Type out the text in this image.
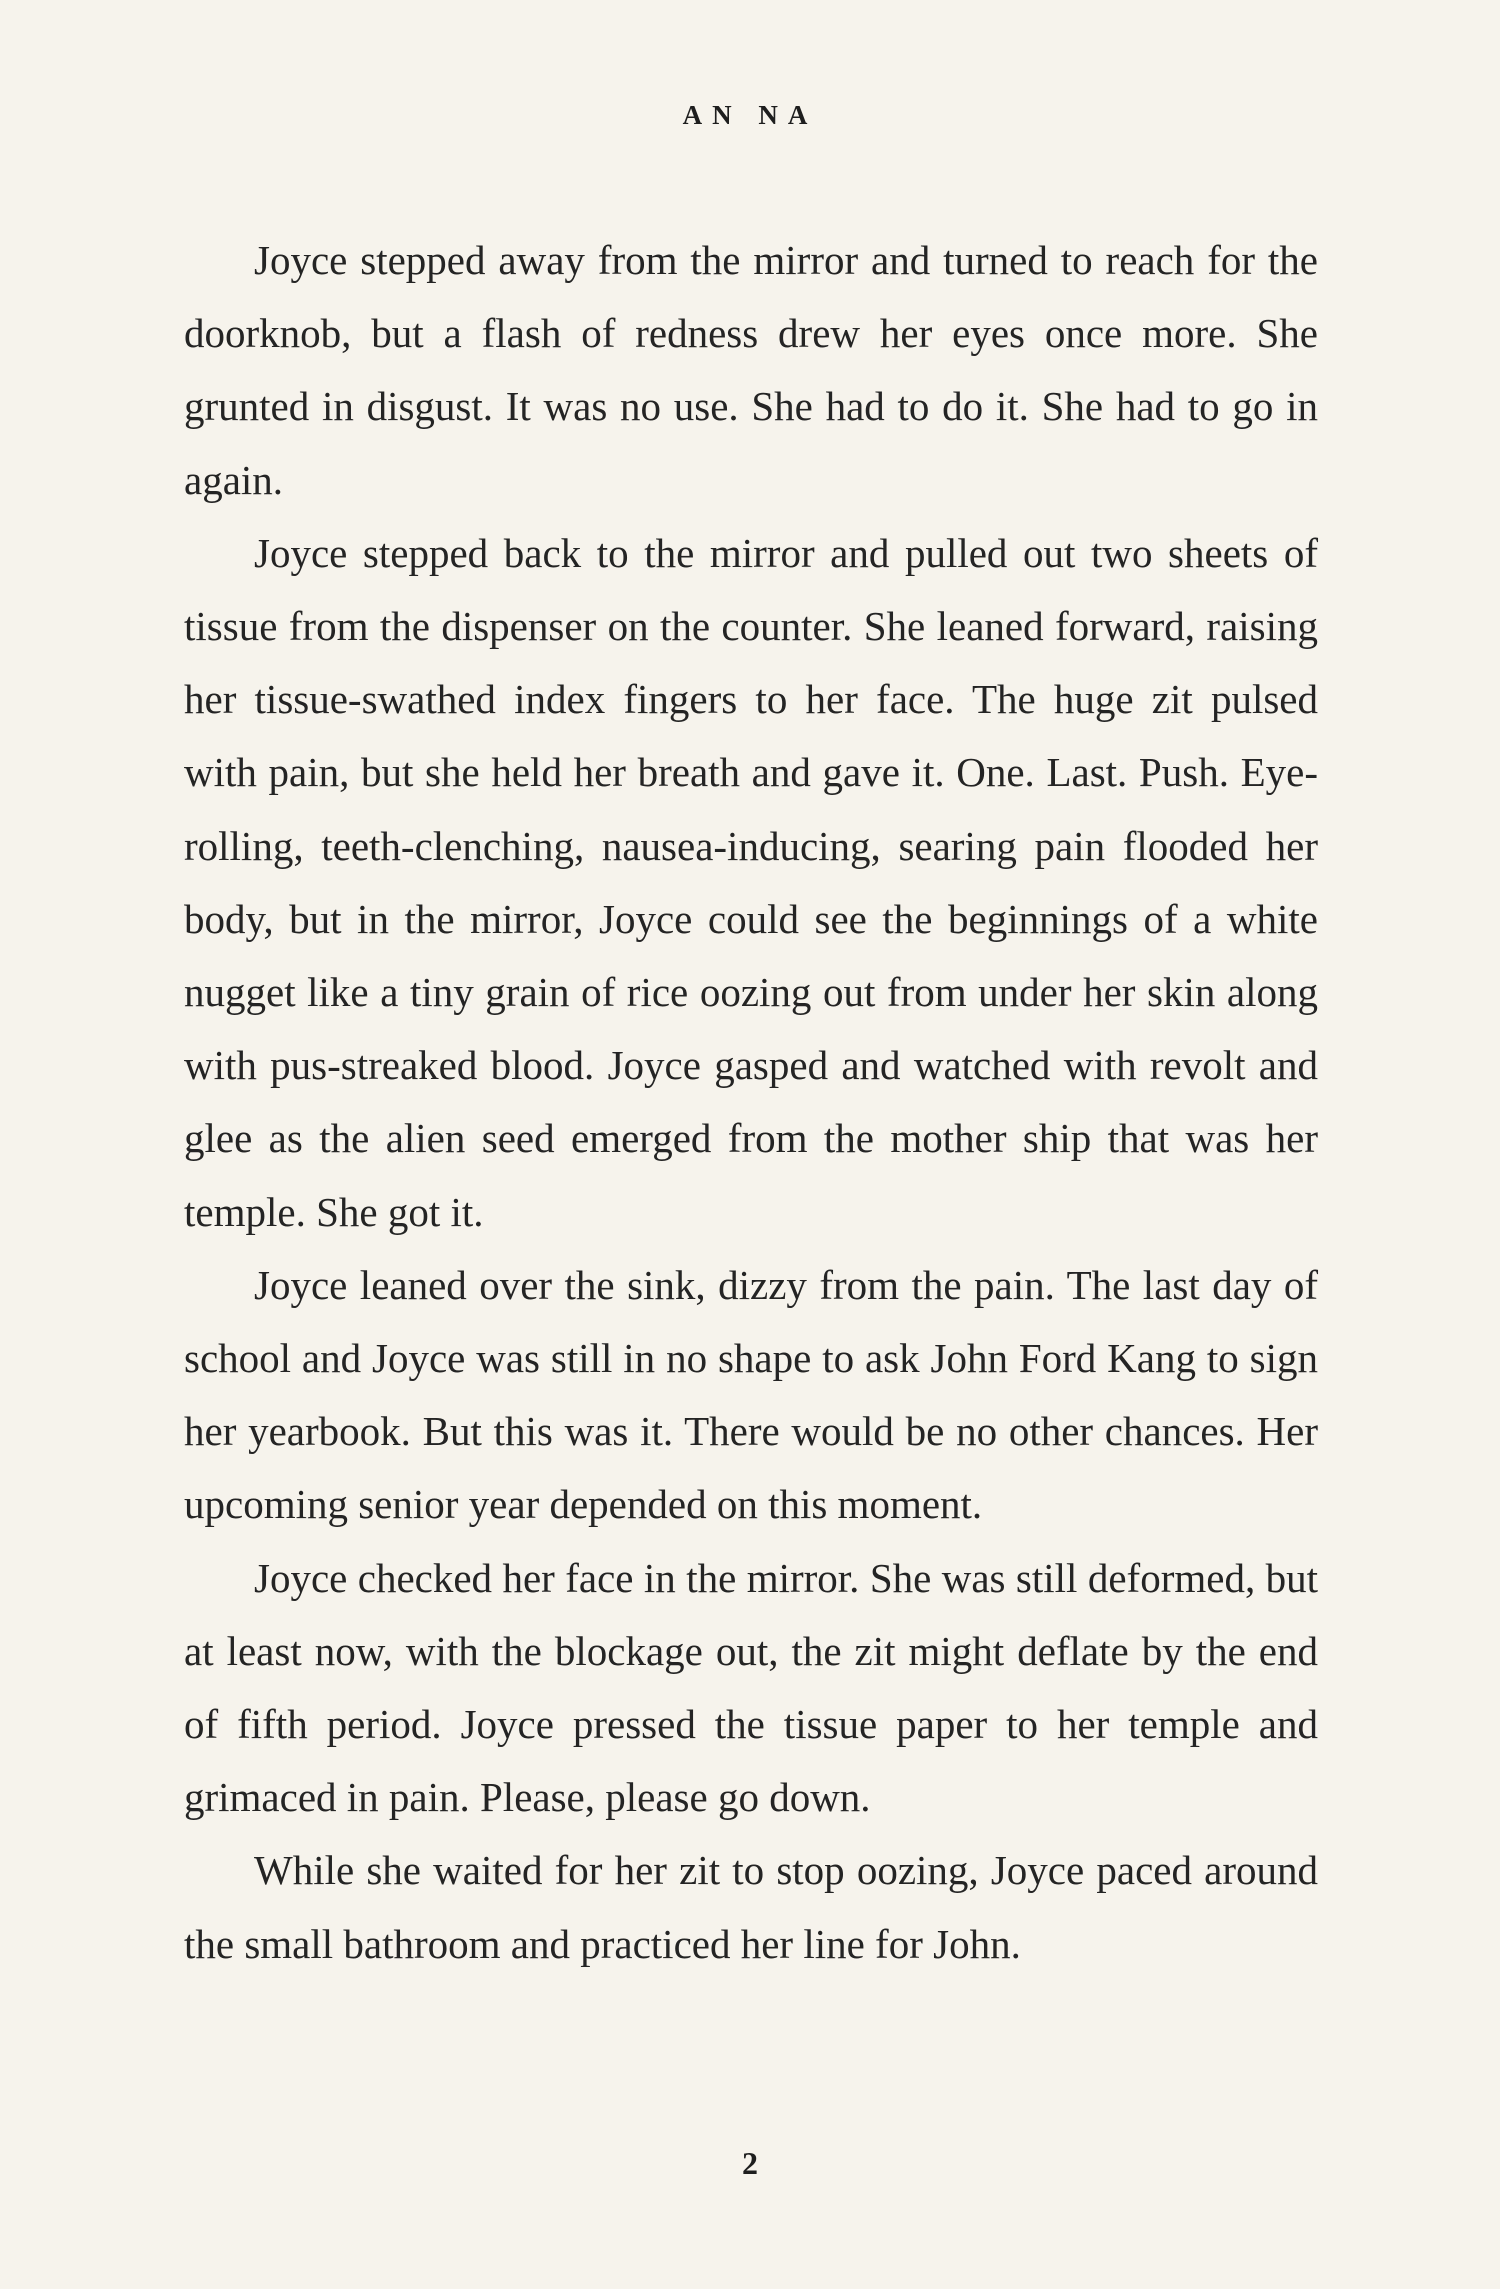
AN NA

Joyce stepped away from the mirror and turned to reach for the doorknob, but a flash of redness drew her eyes once more. She grunted in disgust. It was no use. She had to do it. She had to go in again.

Joyce stepped back to the mirror and pulled out two sheets of tissue from the dispenser on the counter. She leaned forward, raising her tissue-swathed index fingers to her face. The huge zit pulsed with pain, but she held her breath and gave it. One. Last. Push. Eye-rolling, teeth-clenching, nausea-inducing, searing pain flooded her body, but in the mirror, Joyce could see the beginnings of a white nugget like a tiny grain of rice oozing out from under her skin along with pus-streaked blood. Joyce gasped and watched with revolt and glee as the alien seed emerged from the mother ship that was her temple. She got it.

Joyce leaned over the sink, dizzy from the pain. The last day of school and Joyce was still in no shape to ask John Ford Kang to sign her yearbook. But this was it. There would be no other chances. Her upcoming senior year depended on this moment.

Joyce checked her face in the mirror. She was still deformed, but at least now, with the blockage out, the zit might deflate by the end of fifth period. Joyce pressed the tissue paper to her temple and grimaced in pain. Please, please go down.

While she waited for her zit to stop oozing, Joyce paced around the small bathroom and practiced her line for John.

2
